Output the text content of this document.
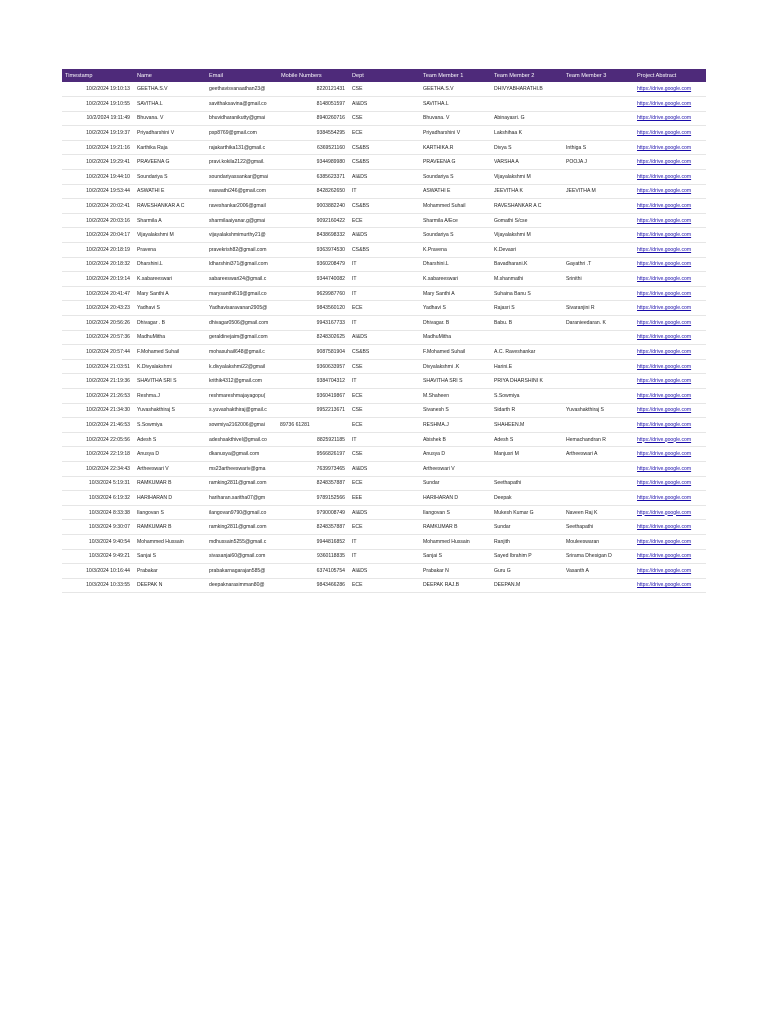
Timestamp	Name	Email	Mobile Numbers	Dept	Team Member 1	Team Member 2	Team Member 3	Project Abstract
10/2/2024 19:10:13	GEETHA.S.V	geethavisvanaathan23@	8220121431	CSE	GEETHA.S.V	DHIVYABHARATHI.B		https://drive.google.com
10/2/2024 19:10:55	SAVITHA.L	savithaksavina@gmail.co	8148051597	AI&DS	SAVITHA.L			https://drive.google.com
10/2/2024 19:11:49	Bhuvana. V	bhuvidharanikutty@gmai	8940260716	CSE	Bhuvana. V	Abinayasri. G		https://drive.google.com
10/2/2024 19:19:37	Priyadharshini V	psp8769@gmail.com	9384554295	ECE	Priyadharshini V	Lakshihaa K		https://drive.google.com
10/2/2024 19:21:16	Karthika Raja	rajakarthika131@gmail.c	6369521160	CS&BS	KARTHIKA.R	Divya S	Inthiga S	https://drive.google.com
10/2/2024 19:29:41	PRAVEENA G	pravi.kokila2122@gmail.	9344989980	CS&BS	PRAVEENA G	VARSHA A	POOJA J	https://drive.google.com
10/2/2024 19:44:10	Soundariya S	soundariyassankar@gmai	6385623371	AI&DS	Soundariya S	Vijayalakshmi M		https://drive.google.com
10/2/2024 19:53:44	ASWATHI E	easwathi246@gmail.com	8428262650	IT	ASWATHI E	JEEVITHA K	JEEVITHA M	https://drive.google.com
10/2/2024 20:02:41	RAVESHANKAR A C	raveshankar2006@gmail	9003882240	CS&BS	Mohammed Suhail	RAVESHANKAR A C		https://drive.google.com
10/2/2024 20:03:16	Sharmila A	sharmilaaiyanar.g@gmai	9092160422	ECE	Sharmila A/Ece	Gomathi S/cse		https://drive.google.com
10/2/2024 20:04:17	Vijayalakshmi M	vijayalakshmimurthy21@	8438698332	AI&DS	Soundariya S	Vijayalakshmi M		https://drive.google.com
10/2/2024 20:18:19	Pravena	pravekrish82@gmail.com	9363974530	CS&BS	K.Pravena	K.Devasri		https://drive.google.com
10/2/2024 20:18:32	Dharshini.L	ldharshini371@gmail.com	9360208479	IT	Dharshini.L	Bavadharani.K	Gayathri .T	https://drive.google.com
10/2/2024 20:19:14	K.sabareeswari	sabareeswari24@gmail.c	9344740082	IT	K.sabareeswari	M.shanmathi	Srinithi	https://drive.google.com
10/2/2024 20:41:47	Mary Santhi A	marysanthi619@gmail.co	9629987760	IT	Mary Santhi A	Suhaina Banu S		https://drive.google.com
10/2/2024 20:43:23	Yadhavi S	Yadhavisaravanan2905@	9843560120	ECE	Yadhavi S	Rajasri S	Sivaranjini R	https://drive.google.com
10/2/2024 20:56:26	Dhivagar . B	dhivagar0506@gmail.com	9943167733	IT	Dhivagar. B	Babu. B	Daranieedaran. K	https://drive.google.com
10/2/2024 20:57:36	MadhuMitha	geraldinejaim@gmail.com	8248302625	AI&DS	MadhuMitha			https://drive.google.com
10/2/2024 20:57:44	F.Mohamed Suhail	mohasuhail648@gmail.c	9087581904	CS&BS	F.Mohamed Suhail	A.C. Raveshankar		https://drive.google.com
10/2/2024 21:03:51	K.Divyalakshmi	k.divyalakshmi22@gmail	9360633957	CSE	Divyalakshmi .K	Harini.E		https://drive.google.com
10/2/2024 21:19:36	SHAVITHA SRI S	krithik4312@gmail.com	9384704312	IT	SHAVITHA SRI S	PRIYA DHARSHINI K		https://drive.google.com
10/2/2024 21:26:53	Reshma.J	reshmareshmajayagopu(	9360419867	ECE	M.Shaheen	S.Sowmiya		https://drive.google.com
10/2/2024 21:34:30	Yuvashakthiraj S	s.yuvashakthiraj@gmail.c	9952213671	CSE	Sivanesh S	Sidarth R	Yuvashakthiraj S	https://drive.google.com
10/2/2024 21:46:53	S.Sowmiya	sowmiya2162006@gmai	89736 61281	ECE	RESHMA.J	SHAHEEN.M		https://drive.google.com
10/2/2024 22:05:56	Adesh S	adeshsakthivel@gmail.co	8825921185	IT	Abishek B	Adesh S	Hemachandran R	https://drive.google.com
10/2/2024 22:19:18	Anusya D	dkanusya@gmail.com	9566826197	CSE	Anusya D	Manjusri M	Artheeswari A	https://drive.google.com
10/2/2024 22:34:43	Artheeswari V	ms23artheeswariv@gma	7639973465	AI&DS	Artheeswari V			https://drive.google.com
10/3/2024 5:19:31	RAMKUMAR B	ramking2811@gmail.com	8248357887	ECE	Sundar	Seethapathi		https://drive.google.com
10/3/2024 6:19:32	HARIHARAN D	hariharan.saritha07@gm	9789152566	EEE	HARIHARAN D	Deepak		https://drive.google.com
10/3/2024 8:33:38	Ilangovan S	ilangovan9790@gmail.co	9790008749	AI&DS	Ilangovan S	Mukesh Kumar G	Naveen Raj K	https://drive.google.com
10/3/2024 9:30:07	RAMKUMAR B	ramking2811@gmail.com	8248357887	ECE	RAMKUMAR B	Sundar	Seethapathi	https://drive.google.com
10/3/2024 9:40:54	Mohammed Hussain	mdhussain5255@gmail.c	9944816852	IT	Mohammed Hussain	Ranjith	Mouleeswaran	https://drive.google.com
10/3/2024 9:49:21	Sanjai S	sivasanjai60@gmail.com	9360118835	IT	Sanjai S	Sayed Ibrahim P	Srirama Dhesigan D	https://drive.google.com
10/3/2024 10:16:44	Prabakar	prabakarnagarajan585@	6374105754	AI&DS	Prabakar N	Guru G	Vasanth A	https://drive.google.com
10/3/2024 10:33:55	DEEPAK N	deepaknarasimman80@	9843466286	ECE	DEEPAK RAJ.B	DEEPAN.M		https://drive.google.com
